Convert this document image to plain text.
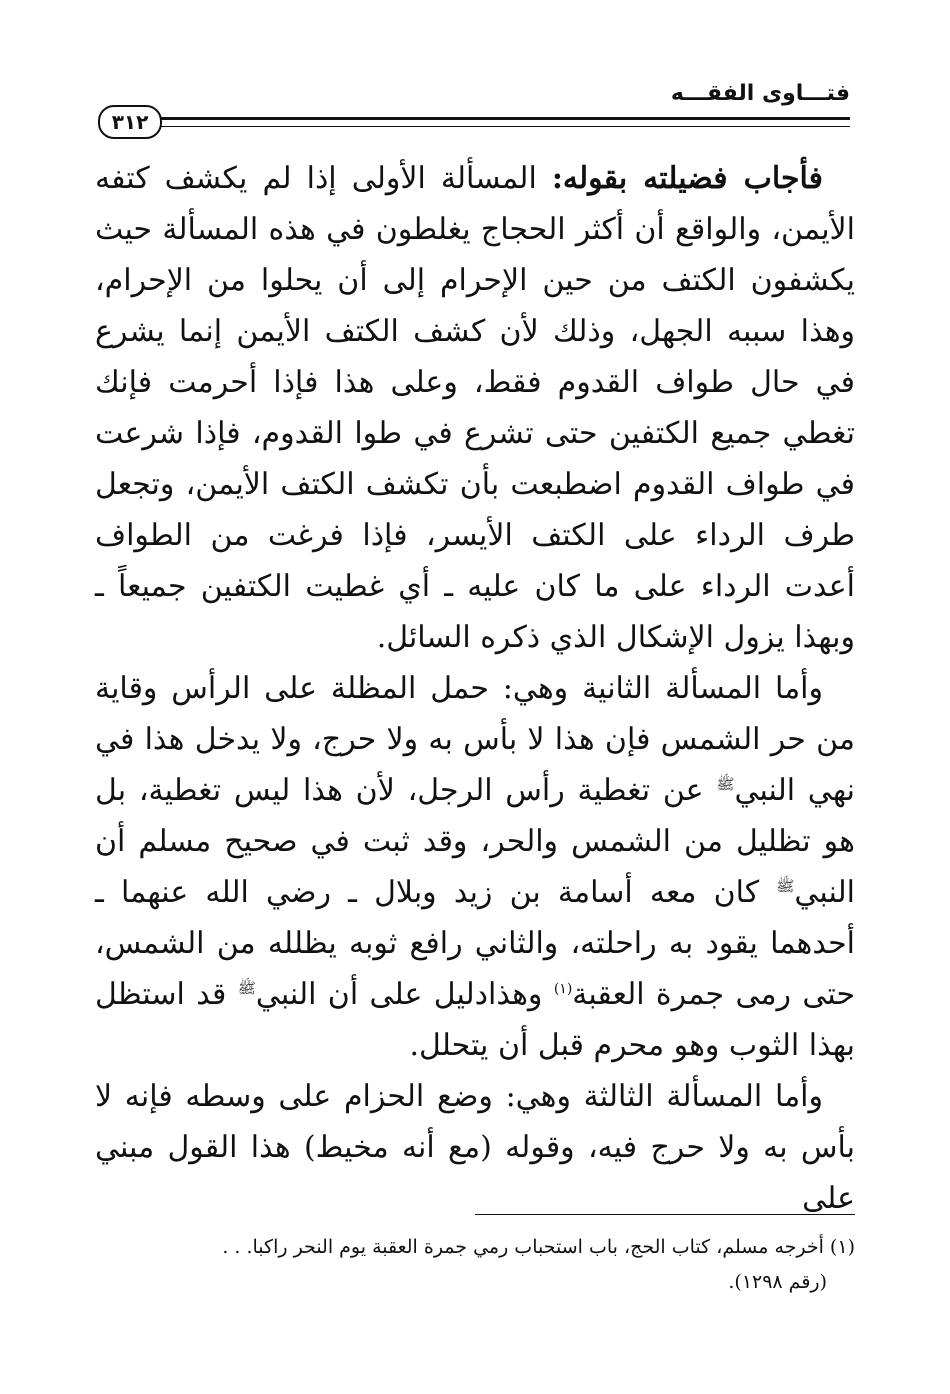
فتـــاوى الفقـــه
٣١٢

فأجاب فضيلته بقوله: المسألة الأولى إذا لم يكشف كتفه الأيمن، والواقع أن أكثر الحجاج يغلطون في هذه المسألة حيث يكشفون الكتف من حين الإحرام إلى أن يحلوا من الإحرام، وهذا سببه الجهل، وذلك لأن كشف الكتف الأيمن إنما يشرع في حال طواف القدوم فقط، وعلى هذا فإذا أحرمت فإنك تغطي جميع الكتفين حتى تشرع في طوا القدوم، فإذا شرعت في طواف القدوم اضطبعت بأن تكشف الكتف الأيمن، وتجعل طرف الرداء على الكتف الأيسر، فإذا فرغت من الطواف أعدت الرداء على ما كان عليه ـ أي غطيت الكتفين جميعاً ـ وبهذا يزول الإشكال الذي ذكره السائل.

وأما المسألة الثانية وهي: حمل المظلة على الرأس وقاية من حر الشمس فإن هذا لا بأس به ولا حرج، ولا يدخل هذا في نهي النبي$^ﷺ$ عن تغطية رأس الرجل، لأن هذا ليس تغطية، بل هو تظليل من الشمس والحر، وقد ثبت في صحيح مسلم أن النبي$^ﷺ$ كان معه أسامة بن زيد وبلال ـ رضي الله عنهما ـ أحدهما يقود به راحلته، والثاني رافع ثوبه يظلله من الشمس، حتى رمى جمرة العقبة$^{(١)}$ وهذادليل على أن النبي$^ﷺ$ قد استظل بهذا الثوب وهو محرم قبل أن يتحلل.

وأما المسألة الثالثة وهي: وضع الحزام على وسطه فإنه لا بأس به ولا حرج فيه، وقوله (مع أنه مخيط) هذا القول مبني على

(١) أخرجه مسلم، كتاب الحج، باب استحباب رمي جمرة العقبة يوم النحر راكبا. . .

(رقم ١٢٩٨).
